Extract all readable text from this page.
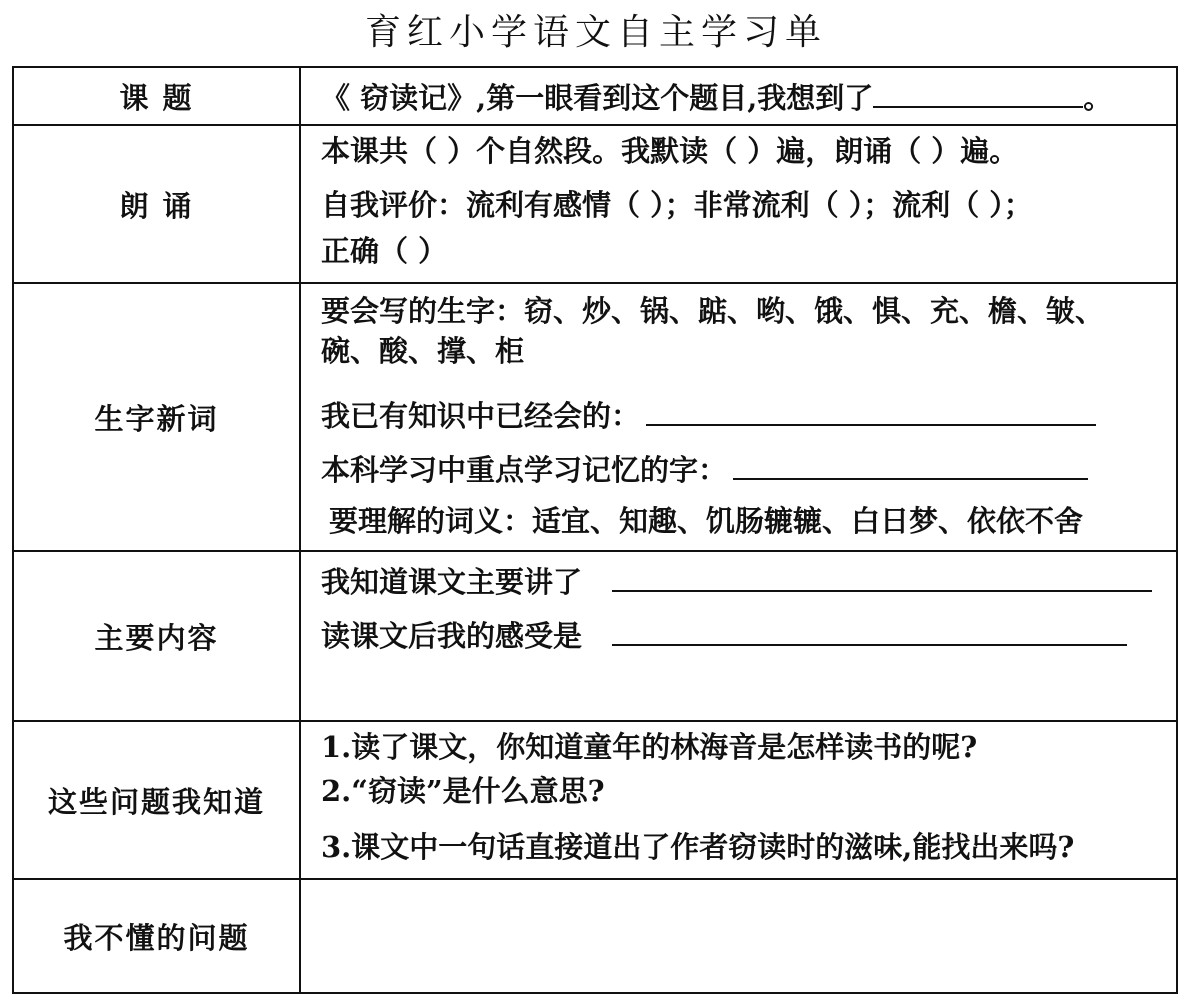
育红小学语文自主学习单
课 题	《 窃读记》,第一眼看到这个题目,我想到了	。
朗 诵
本课共（ ）个自然段。我默读（ ）遍，朗诵（ ）遍。
自我评价：流利有感情（ ）；非常流利（ ）；流利（ ）；
正确（ ）
生字新词
要会写的生字：窃、炒、锅、踮、哟、饿、惧、充、檐、皱、
碗、酸、撑、柜
我已有知识中已经会的：
本科学习中重点学习记忆的字：
要理解的词义：适宜、知趣、饥肠辘辘、白日梦、依依不舍
主要内容
我知道课文主要讲了
读课文后我的感受是
这些问题我知道
1.读了课文，你知道童年的林海音是怎样读书的呢?
2.“窃读”是什么意思?
3.课文中一句话直接道出了作者窃读时的滋味,能找出来吗?
我不懂的问题
